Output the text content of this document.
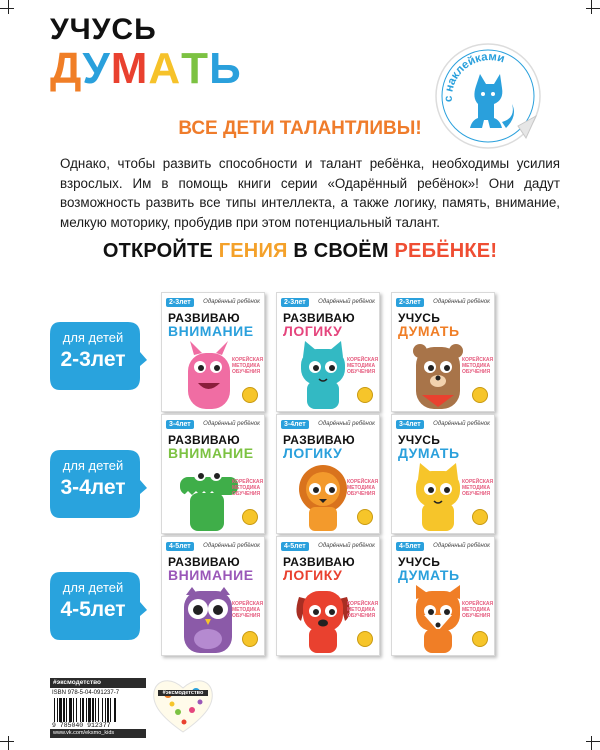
УЧУСЬ
ДУМАТЬ
с наклейками
ВСЕ ДЕТИ ТАЛАНТЛИВЫ!
Однако, чтобы развить способности и талант ребёнка, необходимы усилия взрослых. Им в помощь книги серии «Одарённый ребёнок»! Они дадут возможность развить все типы интеллекта, а также логику, память, внимание, мелкую моторику, пробудив при этом потенциальный талант.
ОТКРОЙТЕ ГЕНИЯ В СВОЁМ РЕБЁНКЕ!
для детей
2-3лет
для детей
3-4лет
для детей
4-5лет
2-3лет	Одарённый ребёнок
РАЗВИВАЮ
ВНИМАНИЕ
КОРЕЙСКАЯ МЕТОДИКА ОБУЧЕНИЯ
2-3лет	Одарённый ребёнок
РАЗВИВАЮ
ЛОГИКУ
КОРЕЙСКАЯ МЕТОДИКА ОБУЧЕНИЯ
2-3лет	Одарённый ребёнок
УЧУСЬ
ДУМАТЬ
КОРЕЙСКАЯ МЕТОДИКА ОБУЧЕНИЯ
3-4лет	Одарённый ребёнок
РАЗВИВАЮ
ВНИМАНИЕ
КОРЕЙСКАЯ МЕТОДИКА ОБУЧЕНИЯ
3-4лет	Одарённый ребёнок
РАЗВИВАЮ
ЛОГИКУ
КОРЕЙСКАЯ МЕТОДИКА ОБУЧЕНИЯ
3-4лет	Одарённый ребёнок
УЧУСЬ
ДУМАТЬ
КОРЕЙСКАЯ МЕТОДИКА ОБУЧЕНИЯ
4-5лет	Одарённый ребёнок
РАЗВИВАЮ
ВНИМАНИЕ
КОРЕЙСКАЯ МЕТОДИКА ОБУЧЕНИЯ
4-5лет	Одарённый ребёнок
РАЗВИВАЮ
ЛОГИКУ
КОРЕЙСКАЯ МЕТОДИКА ОБУЧЕНИЯ
4-5лет	Одарённый ребёнок
УЧУСЬ
ДУМАТЬ
КОРЕЙСКАЯ МЕТОДИКА ОБУЧЕНИЯ
#эксмодетство
ISBN 978-5-04-091237-7
9 785040 912377
www.vk.com/eksmo_kids
#эксмодетство
